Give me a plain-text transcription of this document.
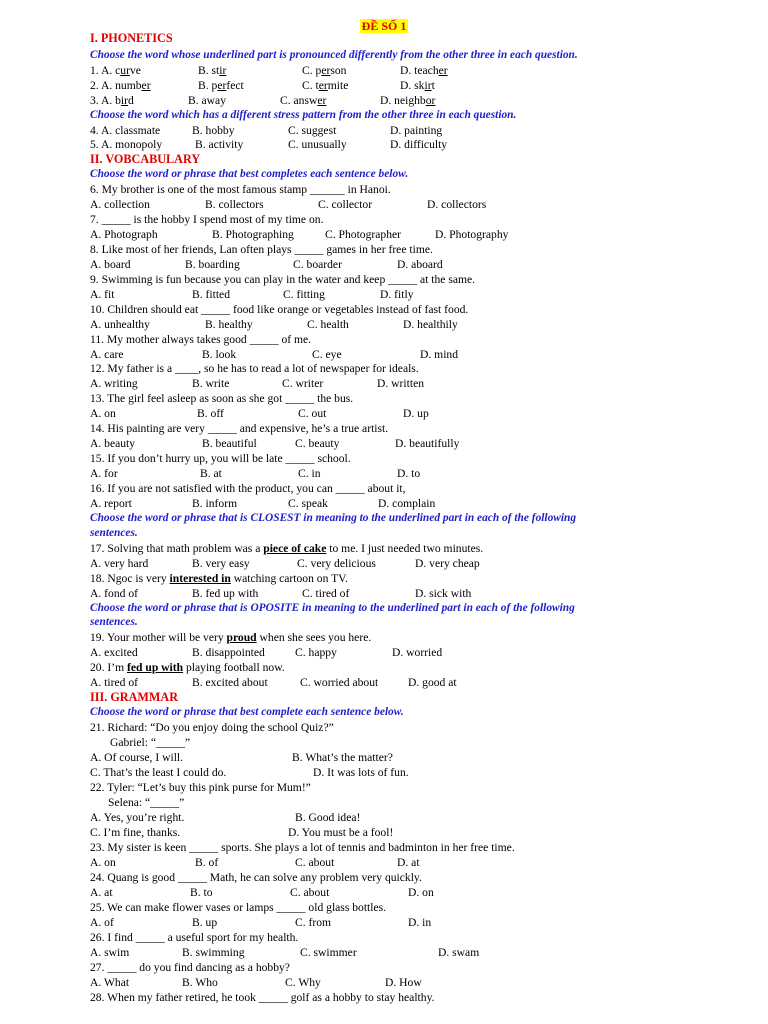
ĐỀ SỐ 1
I. PHONETICS
Choose the word whose underlined part is pronounced differently from the other three in each question.
1. A. curve	B. stir	C. person	D. teacher
2. A. number	B. perfect	C. termite	D. skirt
3. A. bird	B. away	C. answer	D. neighbor
Choose the word which has a different stress pattern from the other three in each question.
4. A. classmate	B. hobby	C. suggest	D. painting
5. A. monopoly	B. activity	C. unusually	D. difficulty
II. VOBCABULARY
Choose the word or phrase that best completes each sentence below.
6. My brother is one of the most famous stamp ______ in Hanoi.
A. collection	B. collectors	C. collector	D. collectors
7. _____ is the hobby I spend most of my time on.
A. Photograph	B. Photographing	C. Photographer	D. Photography
8. Like most of her friends, Lan often plays _____ games in her free time.
A. board	B. boarding	C. boarder	D. aboard
9. Swimming is fun because you can play in the water and keep _____ at the same.
A. fit	B. fitted	C. fitting	D. fitly
10. Children should eat _____ food like orange or vegetables instead of fast food.
A. unhealthy	B. healthy	C. health	D. healthily
11. My mother always takes good _____ of me.
A. care	B. look	C. eye	D. mind
12. My father is a ____, so he has to read a lot of newspaper for ideals.
A. writing	B. write	C. writer	D. written
13. The girl feel asleep as soon as she got _____ the bus.
A. on	B. off	C. out	D. up
14. His painting are very _____ and expensive, he’s a true artist.
A. beauty	B. beautiful	C. beauty	D. beautifully
15. If you don’t hurry up, you will be late _____ school.
A. for	B. at	C. in	D. to
16. If you are not satisfied with the product, you can _____ about it,
A. report	B. inform	C. speak	D. complain
Choose the word or phrase that is CLOSEST in meaning to the underlined part in each of the following
sentences.
17. Solving that math problem was a piece of cake to me. I just needed two minutes.
A. very hard	B. very easy	C. very delicious	D. very cheap
18. Ngoc is very interested in watching cartoon on TV.
A. fond of	B. fed up with	C. tired of	D. sick with
Choose the word or phrase that is OPOSITE in meaning to the underlined part in each of the following
sentences.
19. Your mother will be very proud when she sees you here.
A. excited	B. disappointed	C. happy	D. worried
20. I’m fed up with playing football now.
A. tired of	B. excited about	C. worried about	D. good at
III. GRAMMAR
Choose the word or phrase that best complete each sentence below.
21. Richard: “Do you enjoy doing the school Quiz?”
Gabriel: “_____”
A. Of course, I will.	B. What’s the matter?
C. That’s the least I could do.	D. It was lots of fun.
22. Tyler: “Let’s buy this pink purse for Mum!”
Selena: “_____”
A. Yes, you’re right.	B. Good idea!
C. I’m fine, thanks.	D. You must be a fool!
23. My sister is keen _____ sports. She plays a lot of tennis and badminton in her free time.
A. on	B. of	C. about	D. at
24. Quang is good _____ Math, he can solve any problem very quickly.
A. at	B. to	C. about	D. on
25. We can make flower vases or lamps _____ old glass bottles.
A. of	B. up	C. from	D. in
26. I find _____ a useful sport for my health.
A. swim	B. swimming	C. swimmer	D. swam
27. _____ do you find dancing as a hobby?
A. What	B. Who	C. Why	D. How
28. When my father retired, he took _____ golf as a hobby to stay healthy.
